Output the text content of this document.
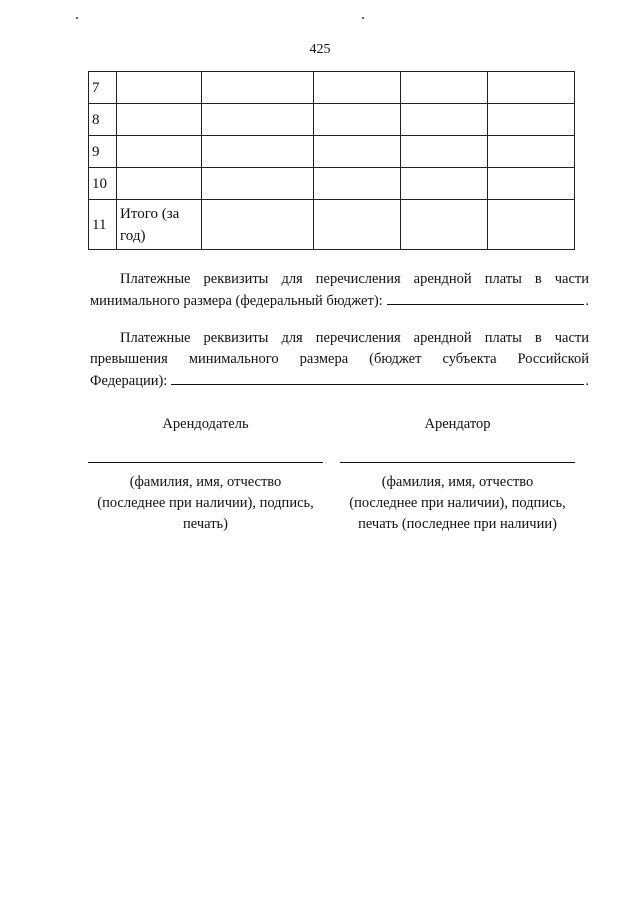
425
7					
8					
9					
10					
11	Итого (за
год)				

Платежные реквизиты для перечисления арендной платы в части
минимального размера (федеральный бюджет):	.
Платежные реквизиты для перечисления арендной платы в части
превышения минимального размера (бюджет субъекта Российской
Федерации):	.
Арендодатель
(фамилия, имя, отчество
(последнее при наличии), подпись,
печать)
Арендатор
(фамилия, имя, отчество
(последнее при наличии), подпись,
печать (последнее при наличии)
